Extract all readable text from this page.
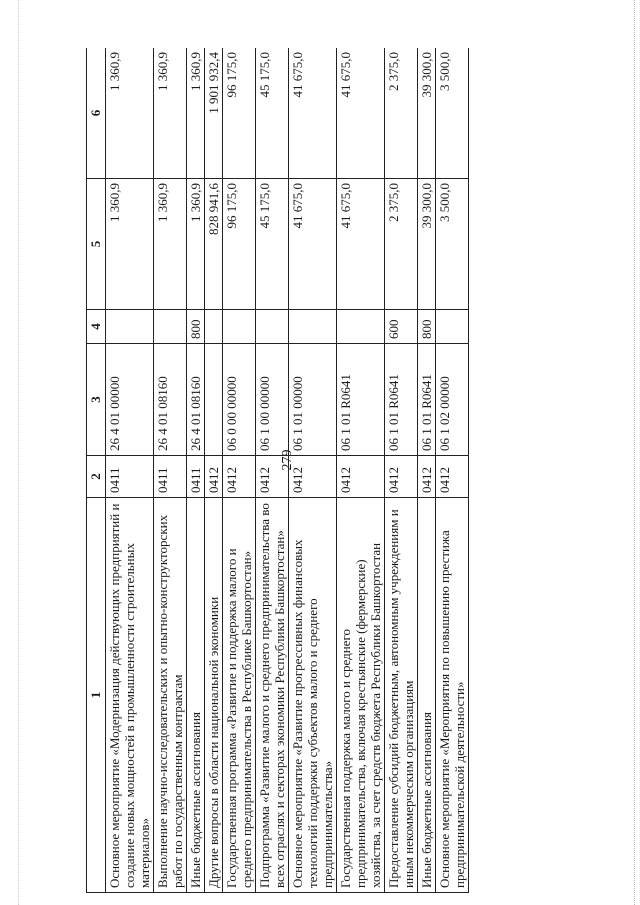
279
1	2	3	4	5	6
Основное мероприятие «Модернизация действующих предприятий и создание новых мощностей в промышленности строительных материалов»	0411	26 4 01 00000		1 360,9	1 360,9
Выполнение научно-исследовательских и опытно-конструкторских работ по государственным контрактам	0411	26 4 01 08160		1 360,9	1 360,9
Иные бюджетные ассигнования	0411	26 4 01 08160	800	1 360,9	1 360,9
Другие вопросы в области национальной экономики	0412			828 941,6	1 901 932,4
Государственная программа «Развитие и поддержка малого и среднего предпринимательства в Республике Башкортостан»	0412	06 0 00 00000		96 175,0	96 175,0
Подпрограмма «Развитие малого и среднего предпринимательства во всех отраслях и секторах экономики Республики Башкортостан»	0412	06 1 00 00000		45 175,0	45 175,0
Основное мероприятие «Развитие прогрессивных финансовых технологий поддержки субъектов малого и среднего предпринимательства»	0412	06 1 01 00000		41 675,0	41 675,0
Государственная поддержка малого и среднего предпринимательства, включая крестьянские (фермерские) хозяйства, за счет средств бюджета Республики Башкортостан	0412	06 1 01 R0641		41 675,0	41 675,0
Предоставление субсидий бюджетным, автономным учреждениям и иным некоммерческим организациям	0412	06 1 01 R0641	600	2 375,0	2 375,0
Иные бюджетные ассигнования	0412	06 1 01 R0641	800	39 300,0	39 300,0
Основное мероприятие «Мероприятия по повышению престижа предпринимательской деятельности»	0412	06 1 02 00000		3 500,0	3 500,0
